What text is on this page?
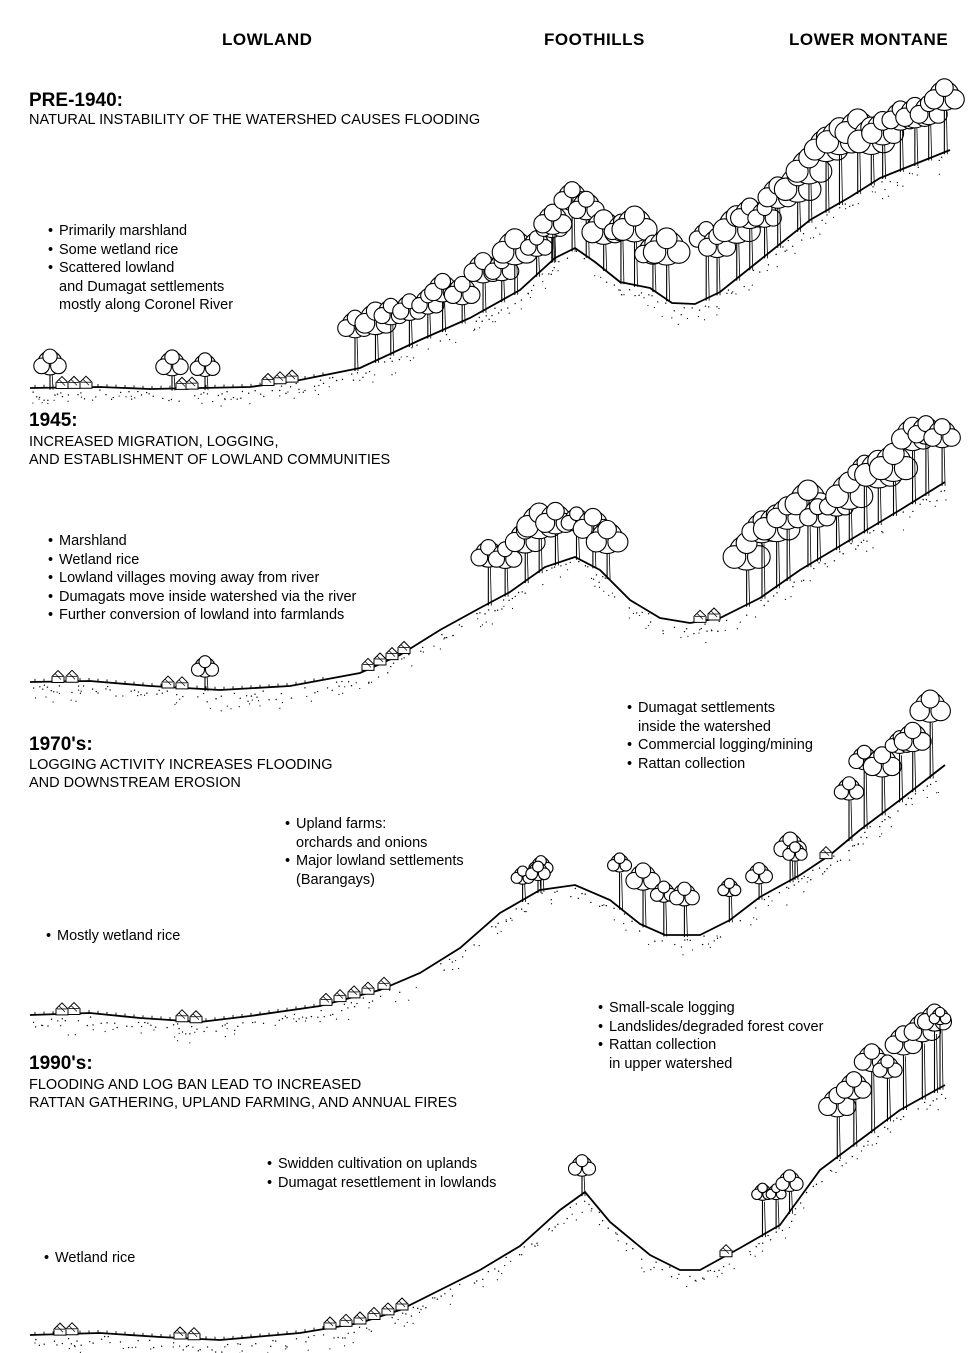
LOWLAND	FOOTHILLS	LOWER MONTANE
PRE-1940:
NATURAL INSTABILITY OF THE WATERSHED CAUSES FLOODING
• Primarily marshland
• Some wetland rice
• Scattered lowland
and Dumagat settlements
mostly along Coronel River
1945:
INCREASED MIGRATION, LOGGING,
AND ESTABLISHMENT OF LOWLAND COMMUNITIES
• Marshland
• Wetland rice
• Lowland villages moving away from river
• Dumagats move inside watershed via the river
• Further conversion of lowland into farmlands
1970's:
LOGGING ACTIVITY INCREASES FLOODING
AND DOWNSTREAM EROSION
• Dumagat settlements
inside the watershed
• Commercial logging/mining
• Rattan collection
• Upland farms:
orchards and onions
• Major lowland settlements
(Barangays)
• Mostly wetland rice
1990's:
FLOODING AND LOG BAN LEAD TO INCREASED
RATTAN GATHERING, UPLAND FARMING, AND ANNUAL FIRES
• Small-scale logging
• Landslides/degraded forest cover
• Rattan collection
in upper watershed
• Swidden cultivation on uplands
• Dumagat resettlement in lowlands
• Wetland rice
